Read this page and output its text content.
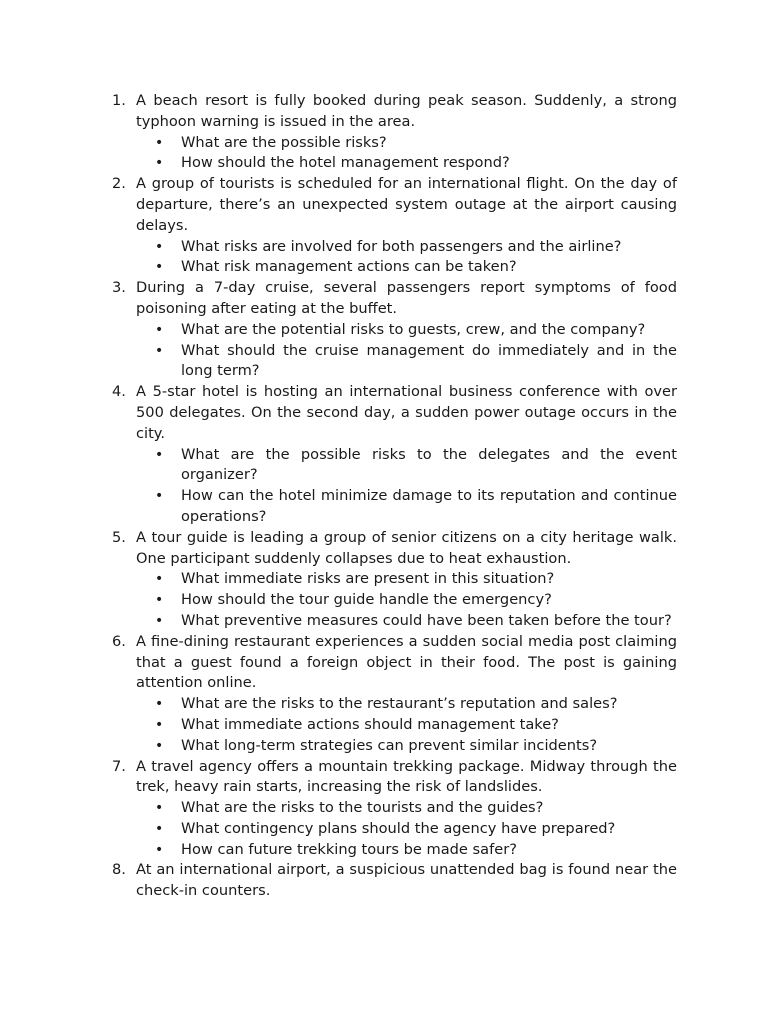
1. A beach resort is fully booked during peak season. Suddenly, a strong typhoon warning is issued in the area.
• What are the possible risks?
• How should the hotel management respond?
2. A group of tourists is scheduled for an international flight. On the day of departure, there’s an unexpected system outage at the airport causing delays.
• What risks are involved for both passengers and the airline?
• What risk management actions can be taken?
3. During a 7-day cruise, several passengers report symptoms of food poisoning after eating at the buffet.
• What are the potential risks to guests, crew, and the company?
• What should the cruise management do immediately and in the long term?
4. A 5-star hotel is hosting an international business conference with over 500 delegates. On the second day, a sudden power outage occurs in the city.
• What are the possible risks to the delegates and the event organizer?
• How can the hotel minimize damage to its reputation and continue operations?
5. A tour guide is leading a group of senior citizens on a city heritage walk. One participant suddenly collapses due to heat exhaustion.
• What immediate risks are present in this situation?
• How should the tour guide handle the emergency?
• What preventive measures could have been taken before the tour?
6. A fine-dining restaurant experiences a sudden social media post claiming that a guest found a foreign object in their food. The post is gaining attention online.
• What are the risks to the restaurant’s reputation and sales?
• What immediate actions should management take?
• What long-term strategies can prevent similar incidents?
7. A travel agency offers a mountain trekking package. Midway through the trek, heavy rain starts, increasing the risk of landslides.
• What are the risks to the tourists and the guides?
• What contingency plans should the agency have prepared?
• How can future trekking tours be made safer?
8. At an international airport, a suspicious unattended bag is found near the check-in counters.
